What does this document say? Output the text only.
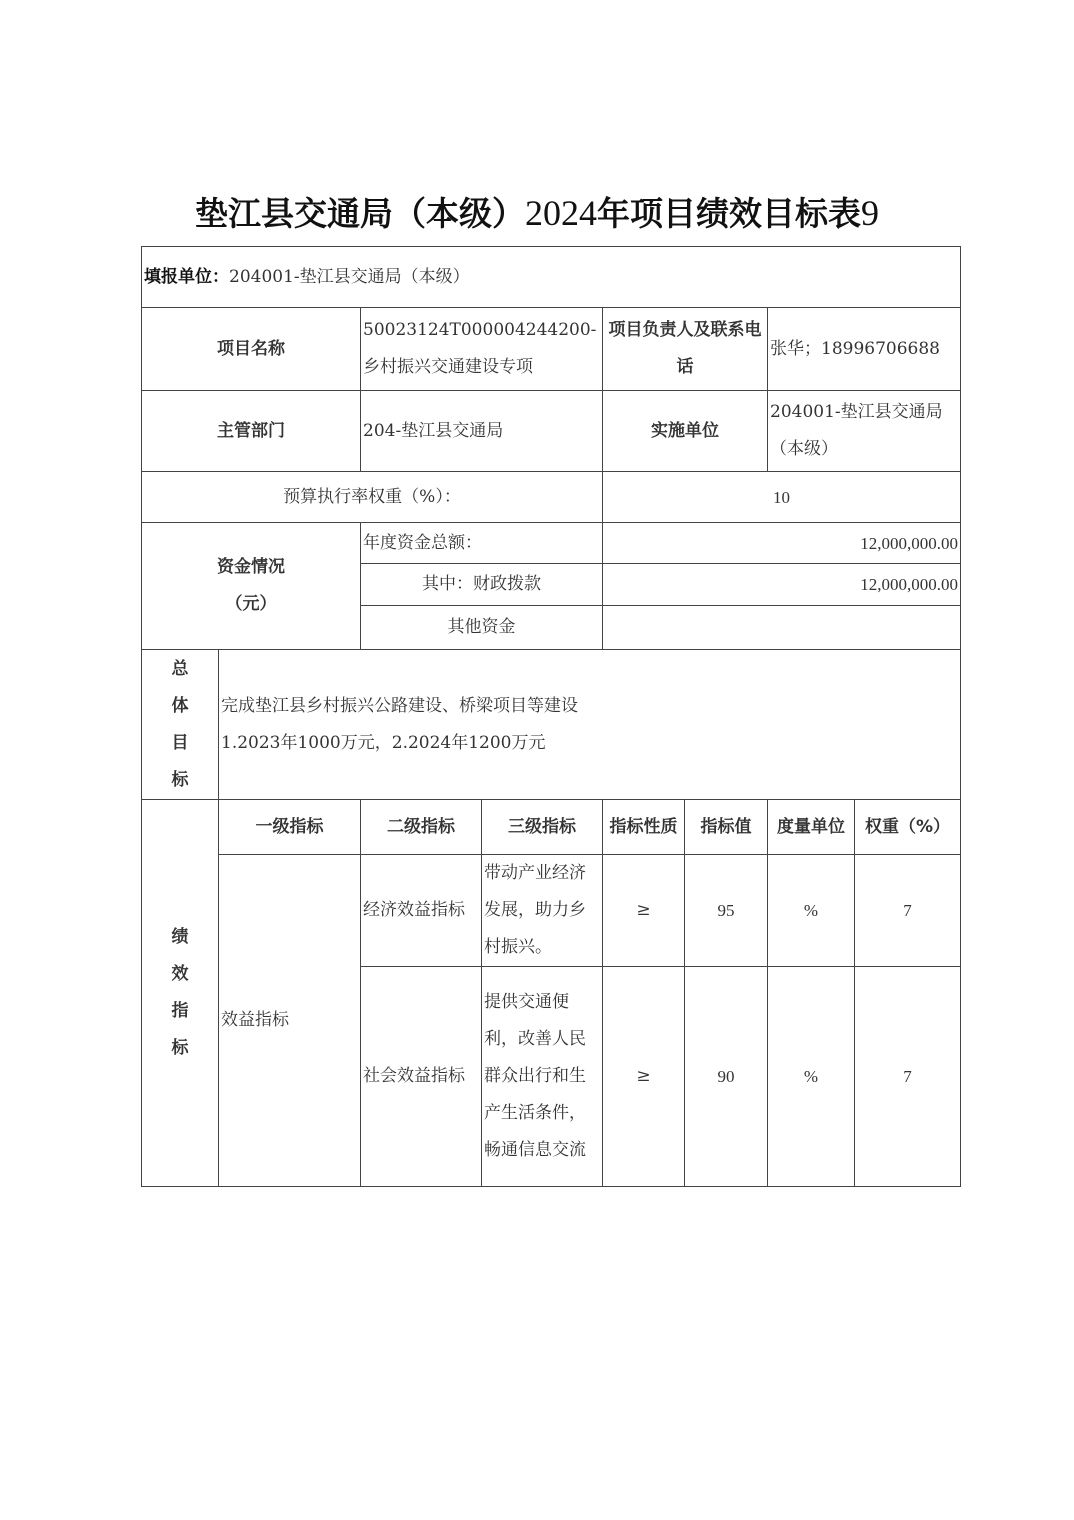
垫江县交通局（本级）2024年项目绩效目标表9
填报单位：204001-垫江县交通局（本级）							
项目名称		50023124T000004244200-乡村振兴交通建设专项		项目负责人及联系电话		张华；18996706688	
主管部门		204-垫江县交通局		实施单位		204001-垫江县交通局（本级）	
预算执行率权重（%）：				10			

资金情况
（元）		年度资金总额：		12,000,000.00			
		其中：财政拨款		12,000,000.00			
		其他资金					

总
体
目
标	完成垫江县乡村振兴公路建设、桥梁项目等建设
1.2023年1000万元，2.2024年1200万元						

绩
效
指
标	一级指标	二级指标	三级指标	指标性质	指标值	度量单位	权重（%）
	效益指标	经济效益指标	带动产业经济发展，助力乡村振兴。	≥	95	%	7
		社会效益指标	提供交通便利，改善人民群众出行和生产生活条件，畅通信息交流	≥	90	%	7
